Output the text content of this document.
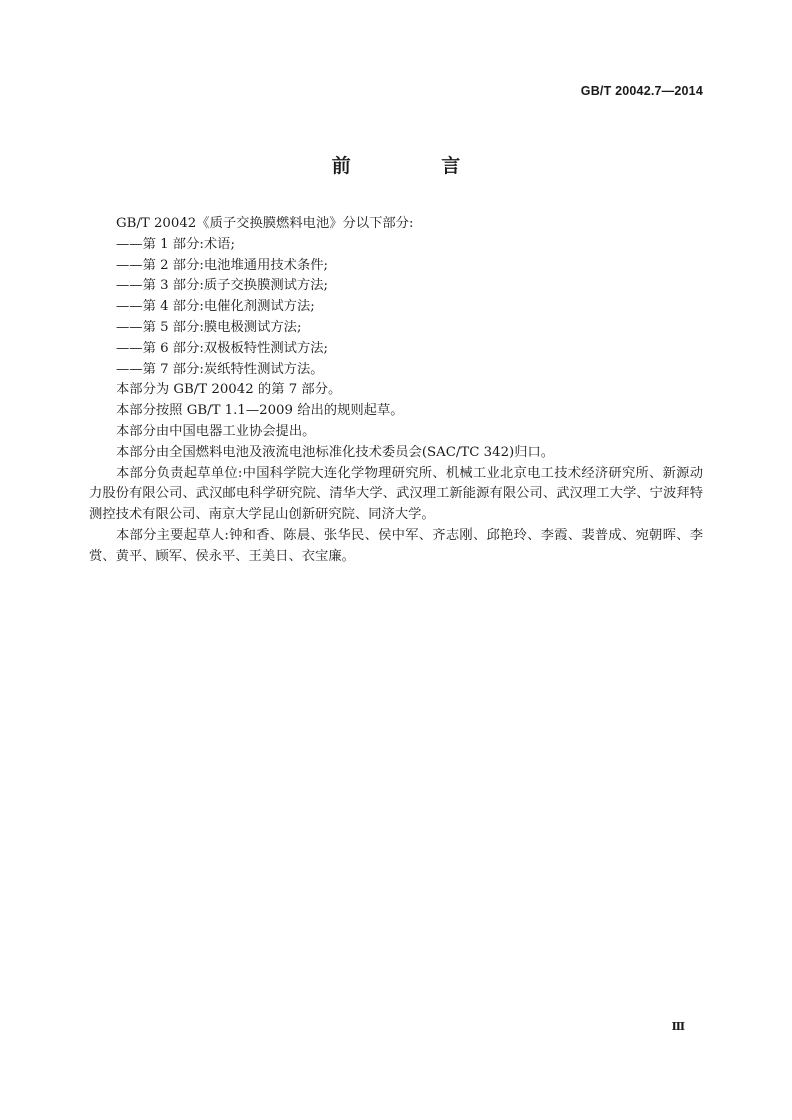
GB/T 20042.7—2014
前 言

GB/T 20042《质子交换膜燃料电池》分以下部分:

——第 1 部分:术语;

——第 2 部分:电池堆通用技术条件;

——第 3 部分:质子交换膜测试方法;

——第 4 部分:电催化剂测试方法;

——第 5 部分:膜电极测试方法;

——第 6 部分:双极板特性测试方法;

——第 7 部分:炭纸特性测试方法。

本部分为 GB/T 20042 的第 7 部分。

本部分按照 GB/T 1.1—2009 给出的规则起草。

本部分由中国电器工业协会提出。

本部分由全国燃料电池及液流电池标准化技术委员会(SAC/TC 342)归口。

本部分负责起草单位:中国科学院大连化学物理研究所、机械工业北京电工技术经济研究所、新源动力股份有限公司、武汉邮电科学研究院、清华大学、武汉理工新能源有限公司、武汉理工大学、宁波拜特测控技术有限公司、南京大学昆山创新研究院、同济大学。

本部分主要起草人:钟和香、陈晨、张华民、侯中军、齐志刚、邱艳玲、李霞、裴普成、宛朝晖、李赏、黄平、顾军、侯永平、王美日、衣宝廉。

Ⅲ
